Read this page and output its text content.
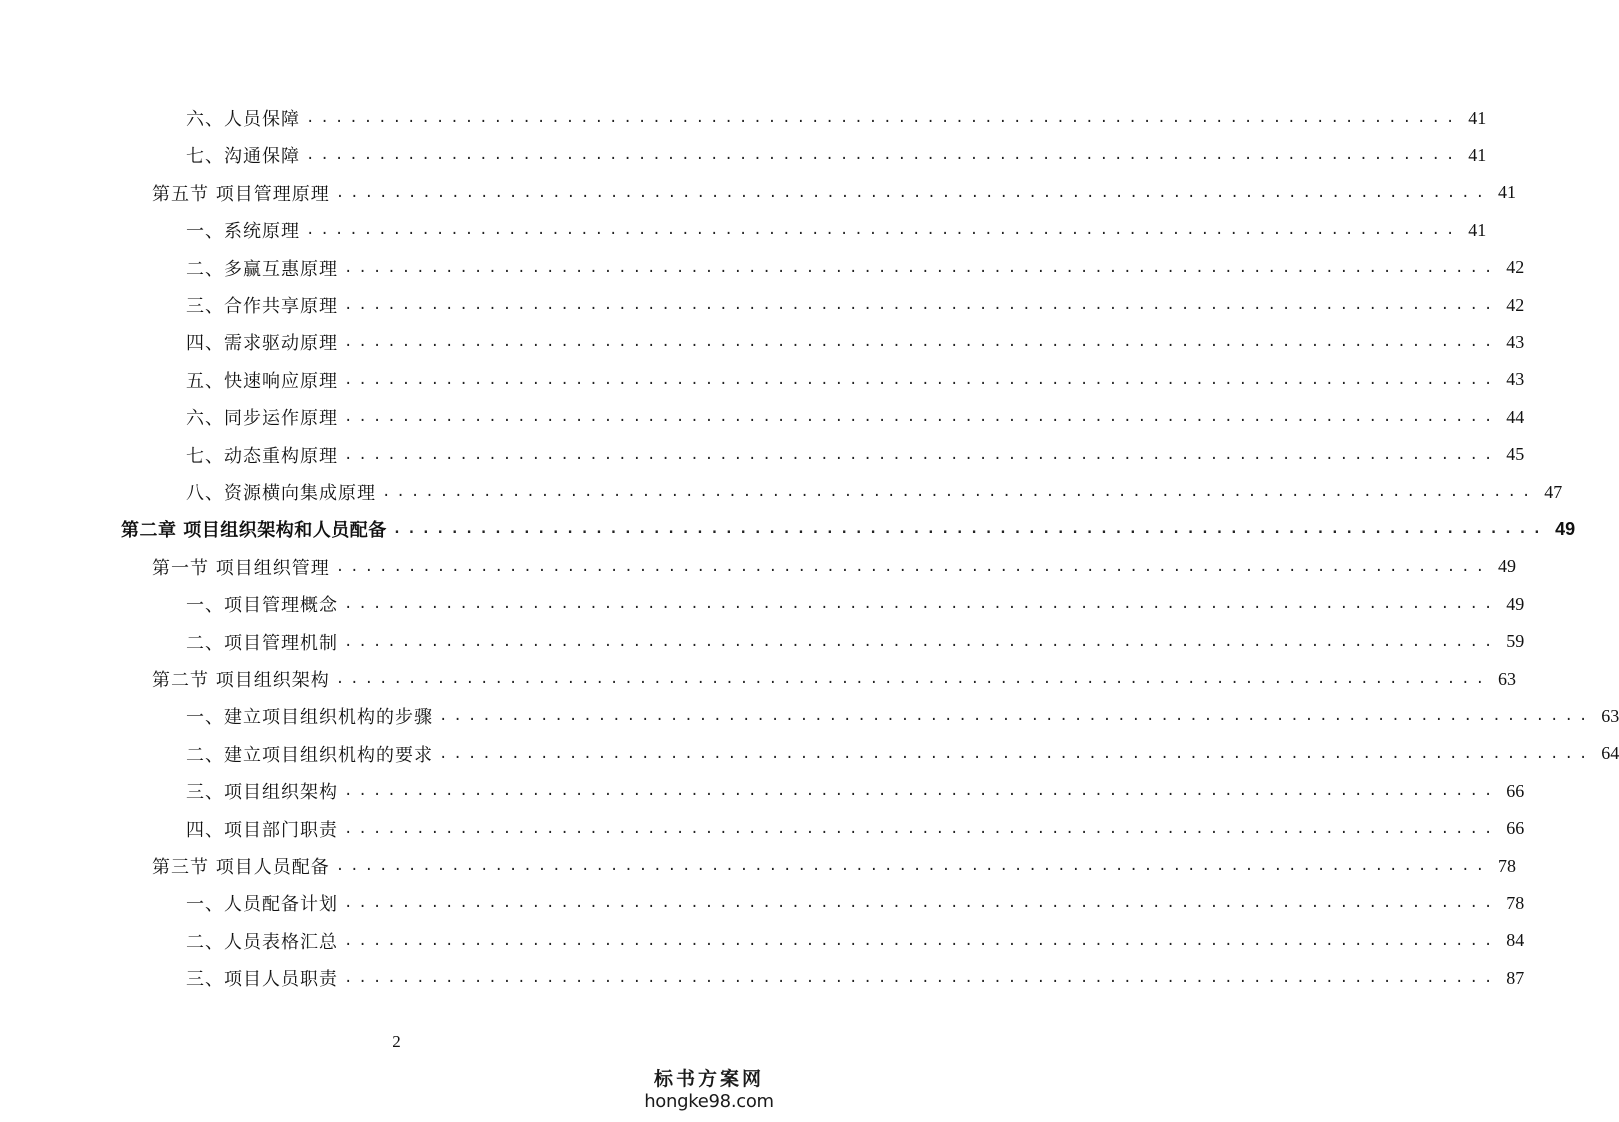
六、人员保障 ................................................................................ 41
七、沟通保障 ................................................................................ 41
第五节 项目管理原理 ................................................................................ 41
一、系统原理 ................................................................................ 41
二、多赢互惠原理 ................................................................................ 42
三、合作共享原理 ................................................................................ 42
四、需求驱动原理 ................................................................................ 43
五、快速响应原理 ................................................................................ 43
六、同步运作原理 ................................................................................ 44
七、动态重构原理 ................................................................................ 45
八、资源横向集成原理 ................................................................................ 47
第二章 项目组织架构和人员配备 ................................................................................ 49
第一节 项目组织管理 ................................................................................ 49
一、项目管理概念 ................................................................................ 49
二、项目管理机制 ................................................................................ 59
第二节 项目组织架构 ................................................................................ 63
一、建立项目组织机构的步骤 ................................................................................ 63
二、建立项目组织机构的要求 ................................................................................ 64
三、项目组织架构 ................................................................................ 66
四、项目部门职责 ................................................................................ 66
第三节 项目人员配备 ................................................................................ 78
一、人员配备计划 ................................................................................ 78
二、人员表格汇总 ................................................................................ 84
三、项目人员职责 ................................................................................ 87
2
标书方案网
hongke98.com
